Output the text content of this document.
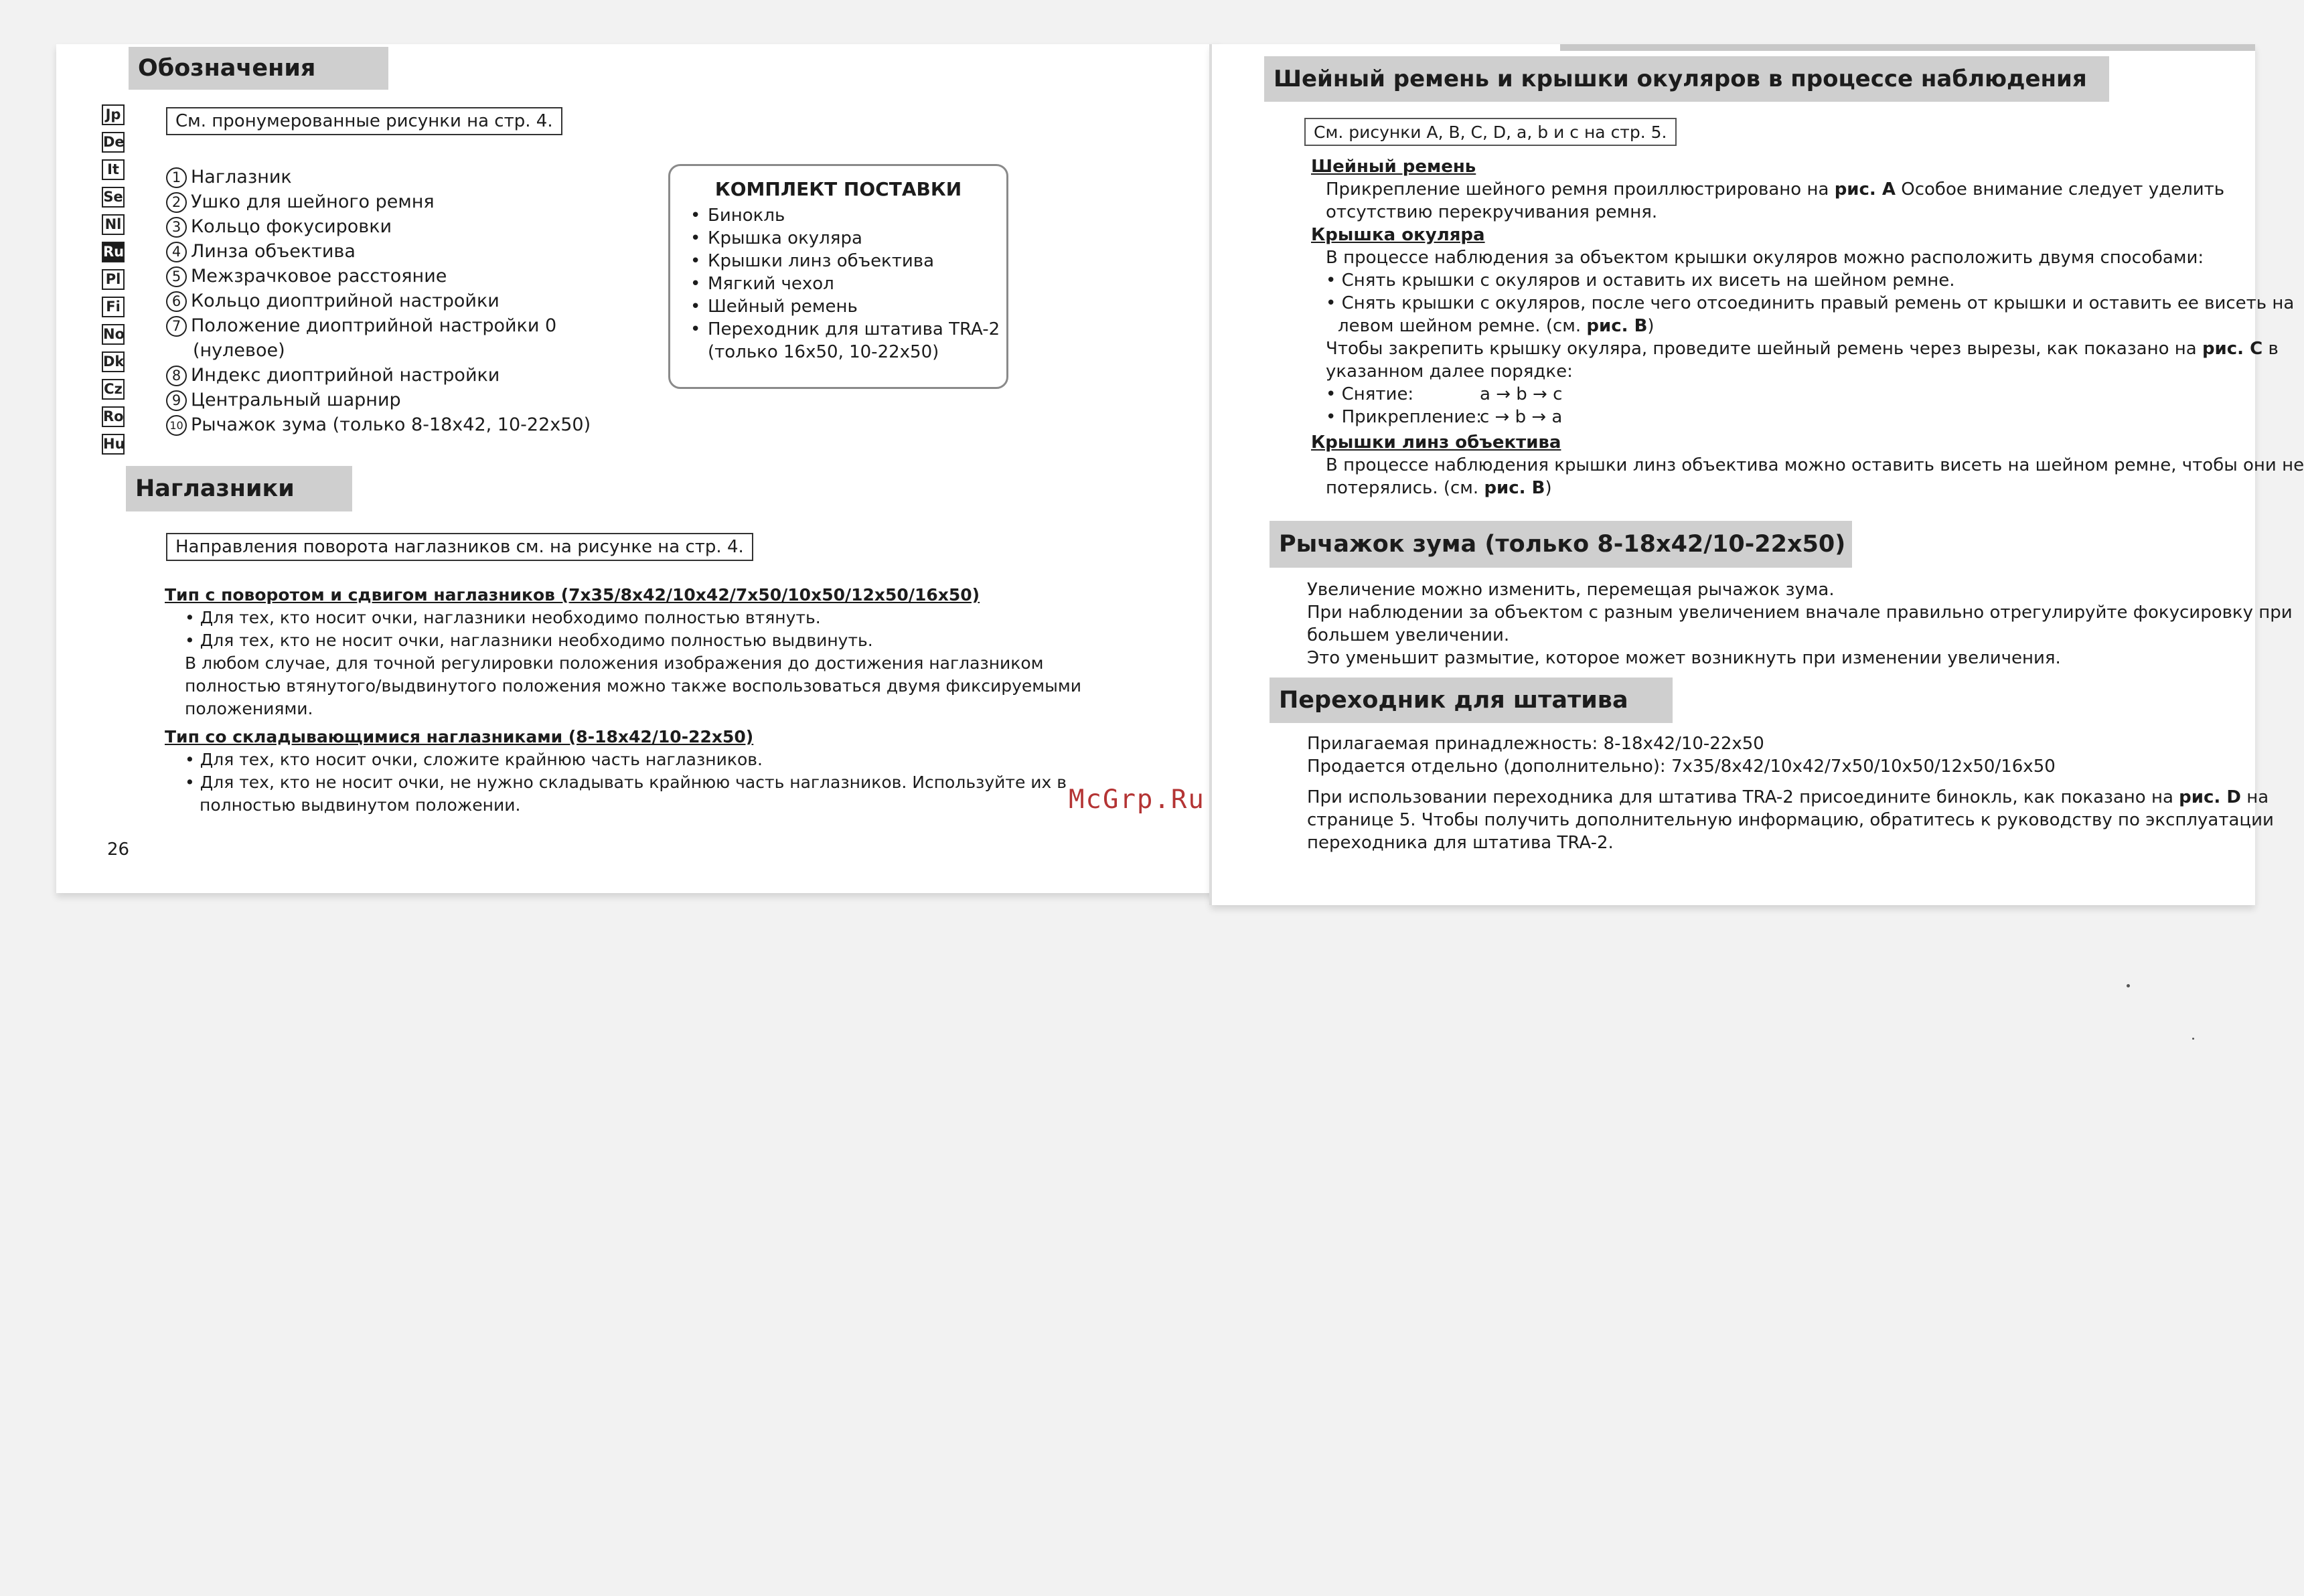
Обозначения
См. пронумерованные рисунки на стр. 4.
Jp
De
It
Se
Nl
Ru
Pl
Fi
No
Dk
Cz
Ro
Hu
1 Наглазник
2 Ушко для шейного ремня
3 Кольцо фокусировки
4 Линза объектива
5 Межзрачковое расстояние
6 Кольцо диоптрийной настройки
7 Положение диоптрийной настройки 0
(нулевое)
8 Индекс диоптрийной настройки
9 Центральный шарнир
10 Рычажок зума (только 8-18x42, 10-22x50)
КОМПЛЕКТ ПОСТАВКИ
• Бинокль
• Крышка окуляра
• Крышки линз объектива
• Мягкий чехол
• Шейный ремень
• Переходник для штатива TRA-2
(только 16x50, 10-22x50)
Наглазники
Направления поворота наглазников см. на рисунке на стр. 4.
Тип с поворотом и сдвигом наглазников (7x35/8x42/10x42/7x50/10x50/12x50/16x50)
• Для тех, кто носит очки, наглазники необходимо полностью втянуть.
• Для тех, кто не носит очки, наглазники необходимо полностью выдвинуть.
В любом случае, для точной регулировки положения изображения до достижения наглазником
полностью втянутого/выдвинутого положения можно также воспользоваться двумя фиксируемыми
положениями.
Тип со складывающимися наглазниками (8-18x42/10-22x50)
• Для тех, кто носит очки, сложите крайнюю часть наглазников.
• Для тех, кто не носит очки, не нужно складывать крайнюю часть наглазников. Используйте их в
полностью выдвинутом положении.
26
McGrp.Ru
Шейный ремень и крышки окуляров в процессе наблюдения
См. рисунки A, B, C, D, a, b и c на стр. 5.
Шейный ремень
Прикрепление шейного ремня проиллюстрировано на рис. A Особое внимание следует уделить
отсутствию перекручивания ремня.
Крышка окуляра
В процессе наблюдения за объектом крышки окуляров можно расположить двумя способами:
• Снять крышки с окуляров и оставить их висеть на шейном ремне.
• Снять крышки с окуляров, после чего отсоединить правый ремень от крышки и оставить ее висеть на
левом шейном ремне. (см. рис. B)
Чтобы закрепить крышку окуляра, проведите шейный ремень через вырезы, как показано на рис. C в
указанном далее порядке:
• Снятие:	a → b → c
• Прикрепление:
c → b → a
Крышки линз объектива
В процессе наблюдения крышки линз объектива можно оставить висеть на шейном ремне, чтобы они не
потерялись. (см. рис. B)
Рычажок зума (только 8-18x42/10-22x50)
Увеличение можно изменить, перемещая рычажок зума.
При наблюдении за объектом с разным увеличением вначале правильно отрегулируйте фокусировку при
большем увеличении.
Это уменьшит размытие, которое может возникнуть при изменении увеличения.
Переходник для штатива
Прилагаемая принадлежность: 8-18x42/10-22x50
Продается отдельно (дополнительно): 7x35/8x42/10x42/7x50/10x50/12x50/16x50
При использовании переходника для штатива TRA-2 присоедините бинокль, как показано на рис. D на
странице 5. Чтобы получить дополнительную информацию, обратитесь к руководству по эксплуатации
переходника для штатива TRA-2.
